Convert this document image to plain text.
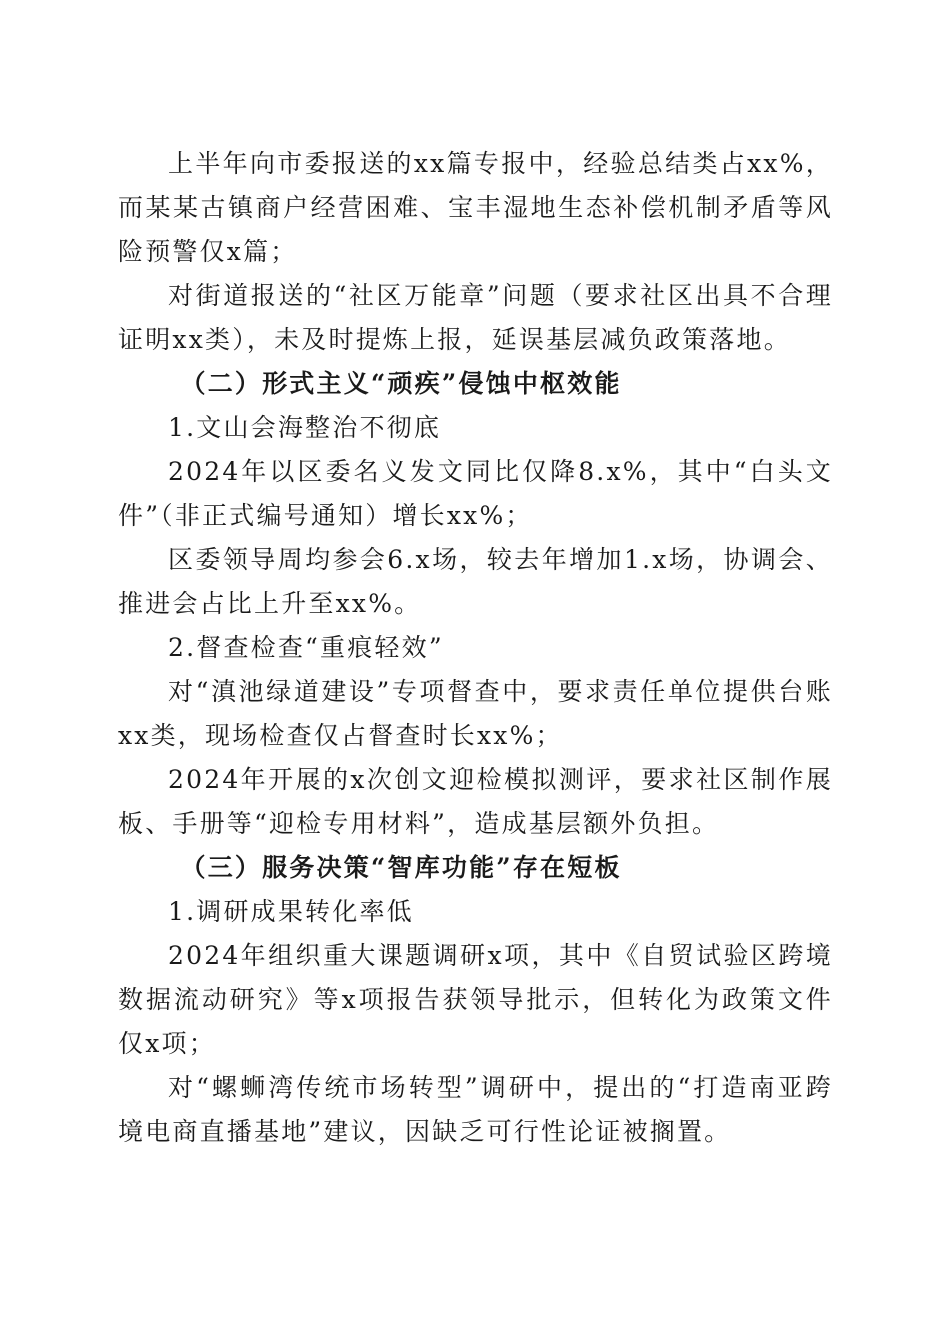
上半年向市委报送的xx篇专报中，经验总结类占xx%，而某某古镇商户经营困难、宝丰湿地生态补偿机制矛盾等风险预警仅x篇；

对街道报送的“社区万能章”问题（要求社区出具不合理证明xx类），未及时提炼上报，延误基层减负政策落地。

（二）形式主义“顽疾”侵蚀中枢效能

1.文山会海整治不彻底

2024年以区委名义发文同比仅降8.x%，其中“白头文件”（非正式编号通知）增长xx%；

区委领导周均参会6.x场，较去年增加1.x场，协调会、推进会占比上升至xx%。

2.督查检查“重痕轻效”

对“滇池绿道建设”专项督查中，要求责任单位提供台账xx类，现场检查仅占督查时长xx%；

2024年开展的x次创文迎检模拟测评，要求社区制作展板、手册等“迎检专用材料”，造成基层额外负担。

（三）服务决策“智库功能”存在短板

1.调研成果转化率低

2024年组织重大课题调研x项，其中《自贸试验区跨境数据流动研究》等x项报告获领导批示，但转化为政策文件仅x项；

对“螺蛳湾传统市场转型”调研中，提出的“打造南亚跨境电商直播基地”建议，因缺乏可行性论证被搁置。
